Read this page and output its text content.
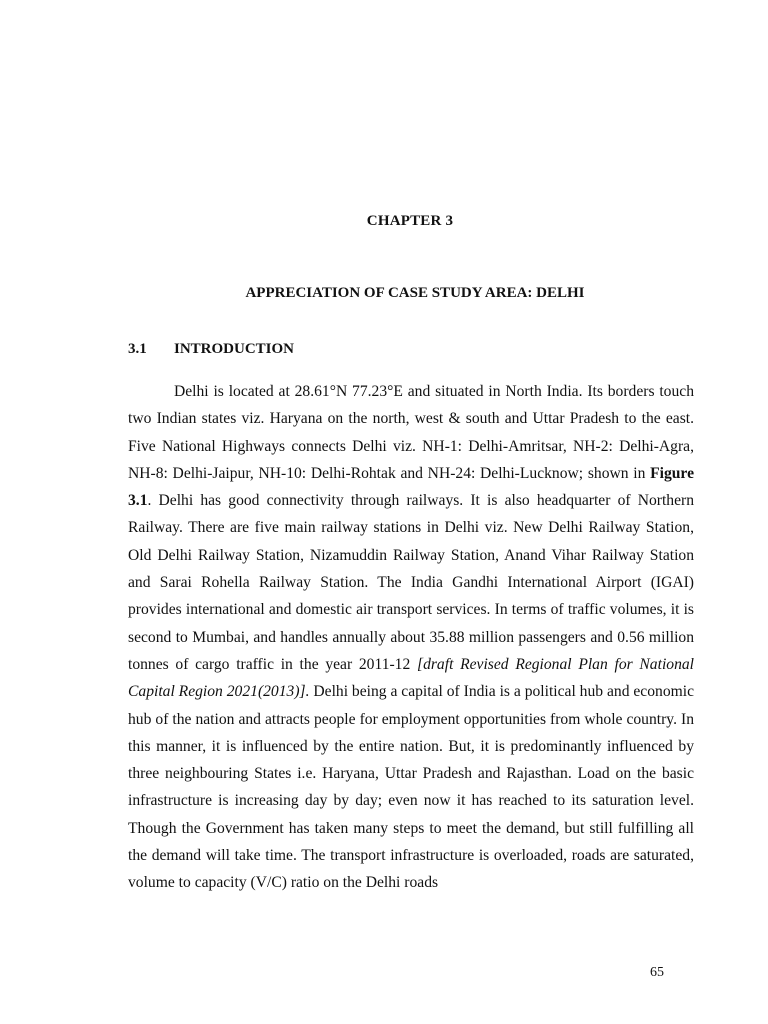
CHAPTER 3
APPRECIATION OF CASE STUDY AREA: DELHI
3.1 INTRODUCTION

Delhi is located at 28.61°N 77.23°E and situated in North India. Its borders touch two Indian states viz. Haryana on the north, west & south and Uttar Pradesh to the east. Five National Highways connects Delhi viz. NH-1: Delhi-Amritsar, NH-2: Delhi-Agra, NH-8: Delhi-Jaipur, NH-10: Delhi-Rohtak and NH-24: Delhi-Lucknow; shown in Figure 3.1. Delhi has good connectivity through railways. It is also headquarter of Northern Railway. There are five main railway stations in Delhi viz. New Delhi Railway Station, Old Delhi Railway Station, Nizamuddin Railway Station, Anand Vihar Railway Station and Sarai Rohella Railway Station. The India Gandhi International Airport (IGAI) provides international and domestic air transport services. In terms of traffic volumes, it is second to Mumbai, and handles annually about 35.88 million passengers and 0.56 million tonnes of cargo traffic in the year 2011-12 [draft Revised Regional Plan for National Capital Region 2021(2013)]. Delhi being a capital of India is a political hub and economic hub of the nation and attracts people for employment opportunities from whole country. In this manner, it is influenced by the entire nation. But, it is predominantly influenced by three neighbouring States i.e. Haryana, Uttar Pradesh and Rajasthan. Load on the basic infrastructure is increasing day by day; even now it has reached to its saturation level. Though the Government has taken many steps to meet the demand, but still fulfilling all the demand will take time. The transport infrastructure is overloaded, roads are saturated, volume to capacity (V/C) ratio on the Delhi roads

65
